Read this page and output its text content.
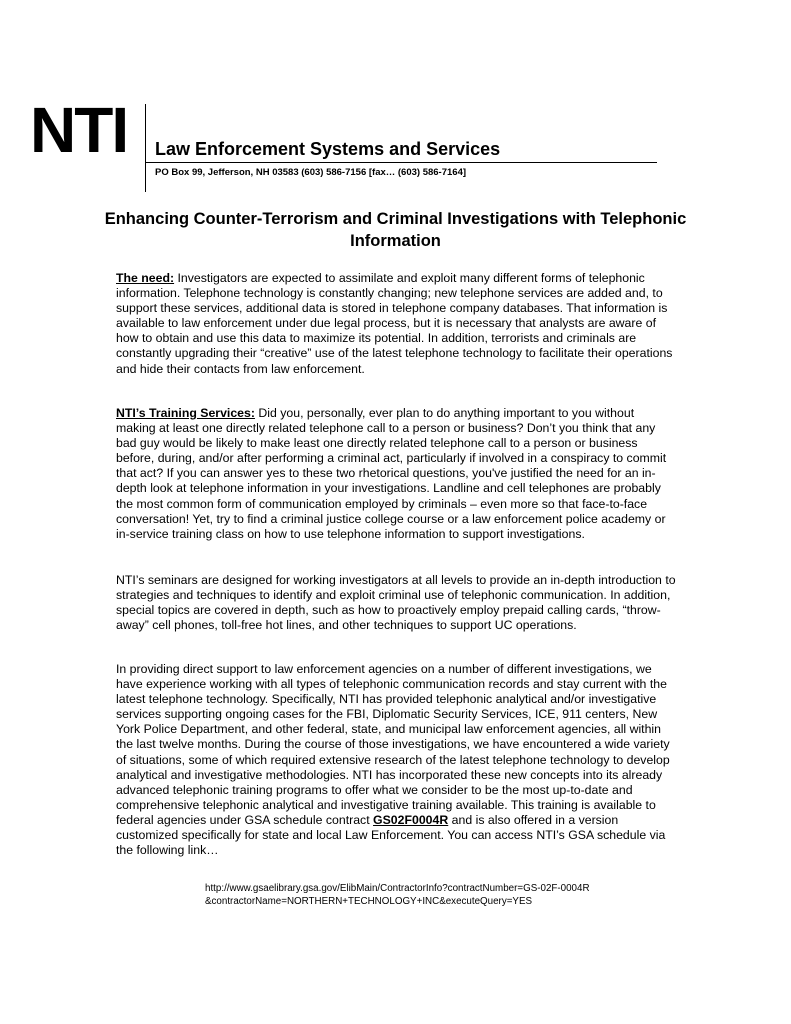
NTI Law Enforcement Systems and Services
PO Box 99, Jefferson, NH 03583 (603) 586-7156 [fax… (603) 586-7164]
Enhancing Counter-Terrorism and Criminal Investigations with Telephonic Information

The need: Investigators are expected to assimilate and exploit many different forms of telephonic information. Telephone technology is constantly changing; new telephone services are added and, to support these services, additional data is stored in telephone company databases. That information is available to law enforcement under due legal process, but it is necessary that analysts are aware of how to obtain and use this data to maximize its potential. In addition, terrorists and criminals are constantly upgrading their “creative” use of the latest telephone technology to facilitate their operations and hide their contacts from law enforcement.

NTI’s Training Services: Did you, personally, ever plan to do anything important to you without making at least one directly related telephone call to a person or business? Don’t you think that any bad guy would be likely to make least one directly related telephone call to a person or business before, during, and/or after performing a criminal act, particularly if involved in a conspiracy to commit that act? If you can answer yes to these two rhetorical questions, you've justified the need for an in-depth look at telephone information in your investigations. Landline and cell telephones are probably the most common form of communication employed by criminals – even more so that face-to-face conversation! Yet, try to find a criminal justice college course or a law enforcement police academy or in-service training class on how to use telephone information to support investigations.

NTI’s seminars are designed for working investigators at all levels to provide an in-depth introduction to strategies and techniques to identify and exploit criminal use of telephonic communication. In addition, special topics are covered in depth, such as how to proactively employ prepaid calling cards, “throw-away” cell phones, toll-free hot lines, and other techniques to support UC operations.

In providing direct support to law enforcement agencies on a number of different investigations, we have experience working with all types of telephonic communication records and stay current with the latest telephone technology. Specifically, NTI has provided telephonic analytical and/or investigative services supporting ongoing cases for the FBI, Diplomatic Security Services, ICE, 911 centers, New York Police Department, and other federal, state, and municipal law enforcement agencies, all within the last twelve months. During the course of those investigations, we have encountered a wide variety of situations, some of which required extensive research of the latest telephone technology to develop analytical and investigative methodologies. NTI has incorporated these new concepts into its already advanced telephonic training programs to offer what we consider to be the most up-to-date and comprehensive telephonic analytical and investigative training available. This training is available to federal agencies under GSA schedule contract GS02F0004R and is also offered in a version customized specifically for state and local Law Enforcement. You can access NTI’s GSA schedule via the following link…

http://www.gsaelibrary.gsa.gov/ElibMain/ContractorInfo?contractNumber=GS-02F-0004R&contractorName=NORTHERN+TECHNOLOGY+INC&executeQuery=YES
